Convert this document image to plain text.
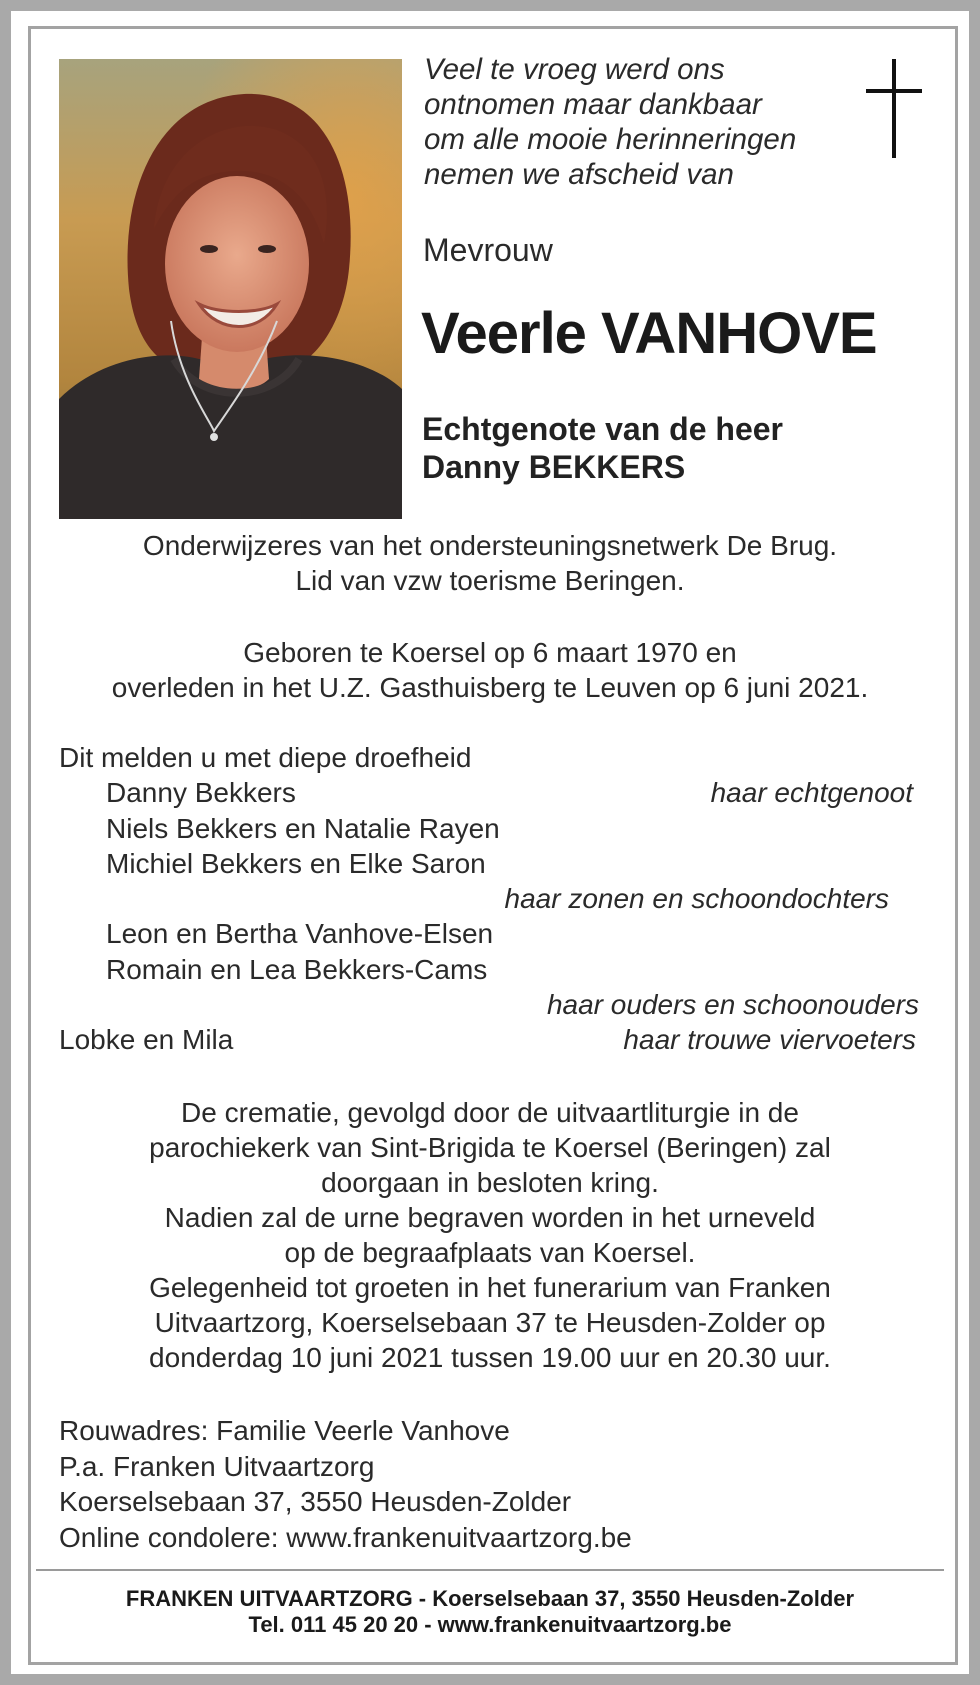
Veel te vroeg werd ons
ontnomen maar dankbaar
om alle mooie herinneringen
nemen we afscheid van
Mevrouw
Veerle VANHOVE
Echtgenote van de heer
Danny BEKKERS
Onderwijzeres van het ondersteuningsnetwerk De Brug.
Lid van vzw toerisme Beringen.
Geboren te Koersel op 6 maart 1970 en
overleden in het U.Z. Gasthuisberg te Leuven op 6 juni 2021.
Dit melden u met diepe droefheid
Danny Bekkers	haar echtgenoot
Niels Bekkers en Natalie Rayen
Michiel Bekkers en Elke Saron
haar zonen en schoondochters
Leon en Bertha Vanhove-Elsen
Romain en Lea Bekkers-Cams
haar ouders en schoonouders
Lobke en Mila	haar trouwe viervoeters
De crematie, gevolgd door de uitvaartliturgie in de
parochiekerk van Sint-Brigida te Koersel (Beringen) zal
doorgaan in besloten kring.
Nadien zal de urne begraven worden in het urneveld
op de begraafplaats van Koersel.
Gelegenheid tot groeten in het funerarium van Franken
Uitvaartzorg, Koerselsebaan 37 te Heusden-Zolder op
donderdag 10 juni 2021 tussen 19.00 uur en 20.30 uur.
Rouwadres: Familie Veerle Vanhove
P.a. Franken Uitvaartzorg
Koerselsebaan 37, 3550 Heusden-Zolder
Online condolere: www.frankenuitvaartzorg.be
FRANKEN UITVAARTZORG - Koerselsebaan 37, 3550 Heusden-Zolder
Tel. 011 45 20 20 - www.frankenuitvaartzorg.be
